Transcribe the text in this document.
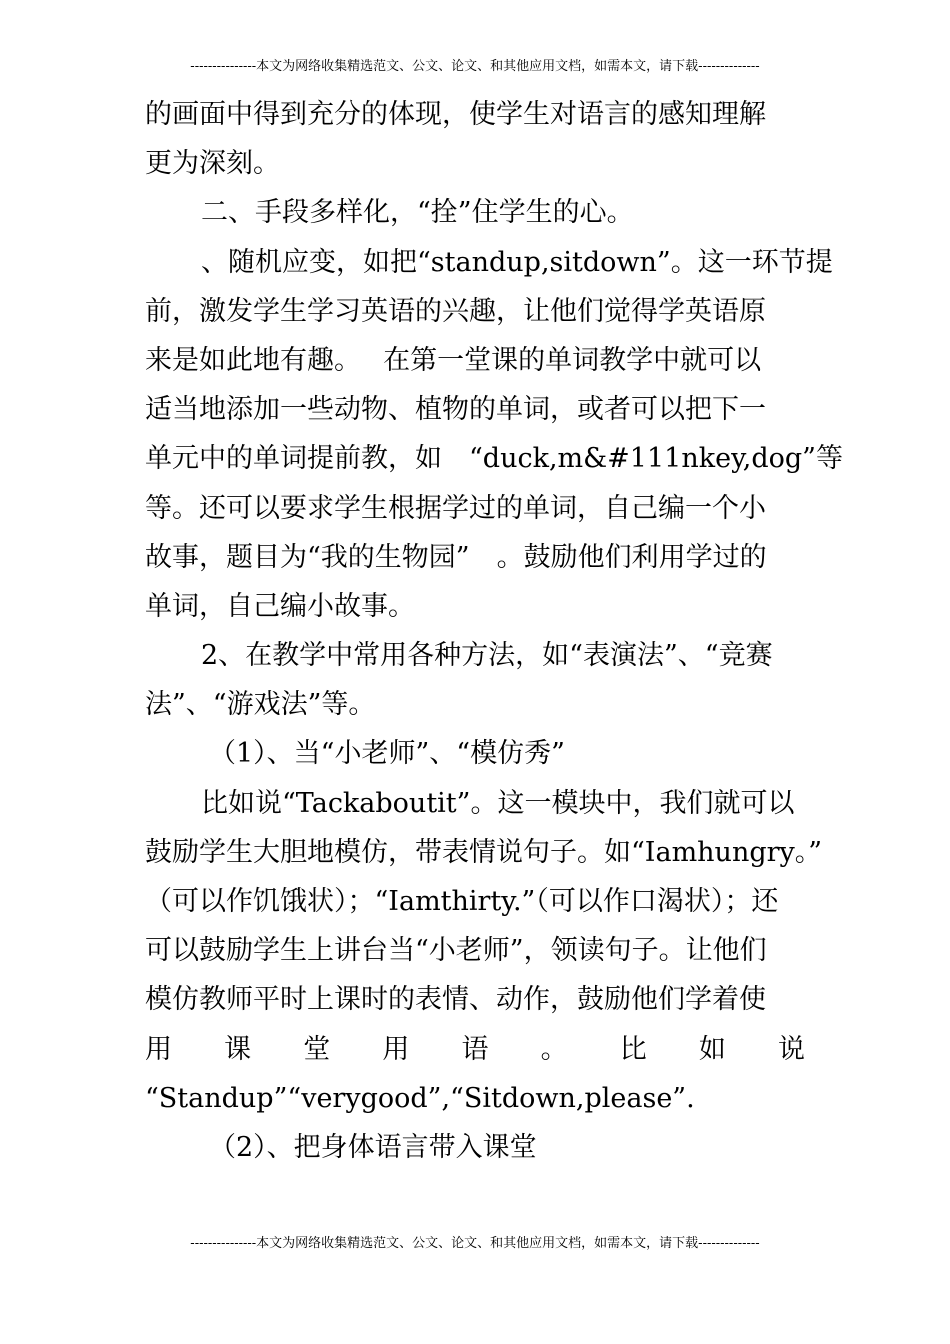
---------------本文为网络收集精选范文、公文、论文、和其他应用文档，如需本文，请下载--------------
的画面中得到充分的体现，使学生对语言的感知理解
更为深刻。
二、手段多样化，“拴”住学生的心。
、随机应变，如把“standup,sitdown”。这一环节提
前，激发学生学习英语的兴趣，让他们觉得学英语原
来是如此地有趣。　 在第一堂课的单词教学中就可以
适当地添加一些动物、植物的单词，或者可以把下一
单元中的单词提前教，如　“duck,m&#111nkey,dog”等
等。还可以要求学生根据学过的单词，自己编一个小
故事，题目为“我的生物园”　。鼓励他们利用学过的
单词，自己编小故事。
2、在教学中常用各种方法，如“表演法”、“竞赛
法”、“游戏法”等。
（1）、当“小老师”、“模仿秀”
比如说“Tackaboutit”。这一模块中，我们就可以
鼓励学生大胆地模仿，带表情说句子。如“Iamhungry。”
（可以作饥饿状）；“Iamthirty.”（可以作口渴状）；还
可以鼓励学生上讲台当“小老师”，领读句子。让他们
模仿教师平时上课时的表情、动作，鼓励他们学着使
用 课 堂 用 语 。 比 如 说
“Standup”“verygood”,“Sitdown,please”.
（2）、把身体语言带入课堂
---------------本文为网络收集精选范文、公文、论文、和其他应用文档，如需本文，请下载--------------
